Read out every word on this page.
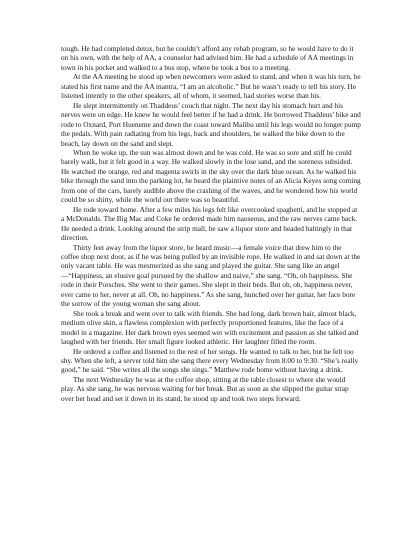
tough. He had completed detox, but he couldn’t afford any rehab program, so he would have to do it on his own, with the help of AA, a counselor had advised him. He had a schedule of AA meetings in town in his pocket and walked to a bus stop, where he took a bus to a meeting.

At the AA meeting he stood up when newcomers were asked to stand, and when it was his turn, he stated his first name and the AA mantra, “I am an alcoholic.” But he wasn’t ready to tell his story. He listened intently to the other speakers, all of whom, it seemed, had stories worse than his.

He slept intermittently on Thaddeus’ couch that night. The next day his stomach hurt and his nerves were on edge. He knew he would feel better if he had a drink. He borrowed Thaddeus’ bike and rode to Oxnard, Port Hueneme and down the coast toward Malibu until his legs would no longer pump the pedals. With pain radiating from his legs, back and shoulders, he walked the bike down to the beach, lay down on the sand and slept.

When he woke up, the sun was almost down and he was cold. He was so sore and stiff he could barely walk, but it felt good in a way. He walked slowly in the lose sand, and the soreness subsided. He watched the orange, red and magenta swirls in the sky over the dark blue ocean. As he walked his bike through the sand into the parking lot, he heard the plaintive notes of an Alicia Keyes song coming from one of the cars, barely audible above the crashing of the waves, and he wondered how his world could be so shitty, while the world out there was so beautiful.

He rode toward home. After a few miles his legs felt like overcooked spaghetti, and he stopped at a McDonalds. The Big Mac and Coke he ordered made him nauseous, and the raw nerves came back. He needed a drink. Looking around the strip mall, he saw a liquor store and headed haltingly in that direction.

Thirty feet away from the liquor store, he heard music—a female voice that drew him to the coffee shop next door, as if he was being pulled by an invisible rope. He walked in and sat down at the only vacant table. He was mesmerized as she sang and played the guitar. She sang like an angel—“Happiness, an elusive goal pursued by the shallow and naive,” she sang. “Oh, oh happiness. She rode in their Porsches. She went to their games. She slept in their beds. But oh, oh, happiness never, ever came to her, never at all. Oh, no happiness.” As she sang, hunched over her guitar, her face bore the sorrow of the young woman she sang about.

She took a break and went over to talk with friends. She had long, dark brown hair, almost black, medium olive skin, a flawless complexion with perfectly proportioned features, like the face of a model in a magazine. Her dark brown eyes seemed wet with excitement and passion as she talked and laughed with her friends. Her small figure looked athletic. Her laughter filled the room.

He ordered a coffee and listened to the rest of her songs. He wanted to talk to her, but he felt too shy. When she left, a server told him she sang there every Wednesday from 8:00 to 9:30. “She’s really good,” he said. “She writes all the songs she sings.” Matthew rode home without having a drink.

The next Wednesday he was at the coffee shop, sitting at the table closest to where she would play. As she sang, he was nervous waiting for her break. But as soon as she slipped the guitar strap over her head and set it down in its stand, he stood up and took two steps forward.
